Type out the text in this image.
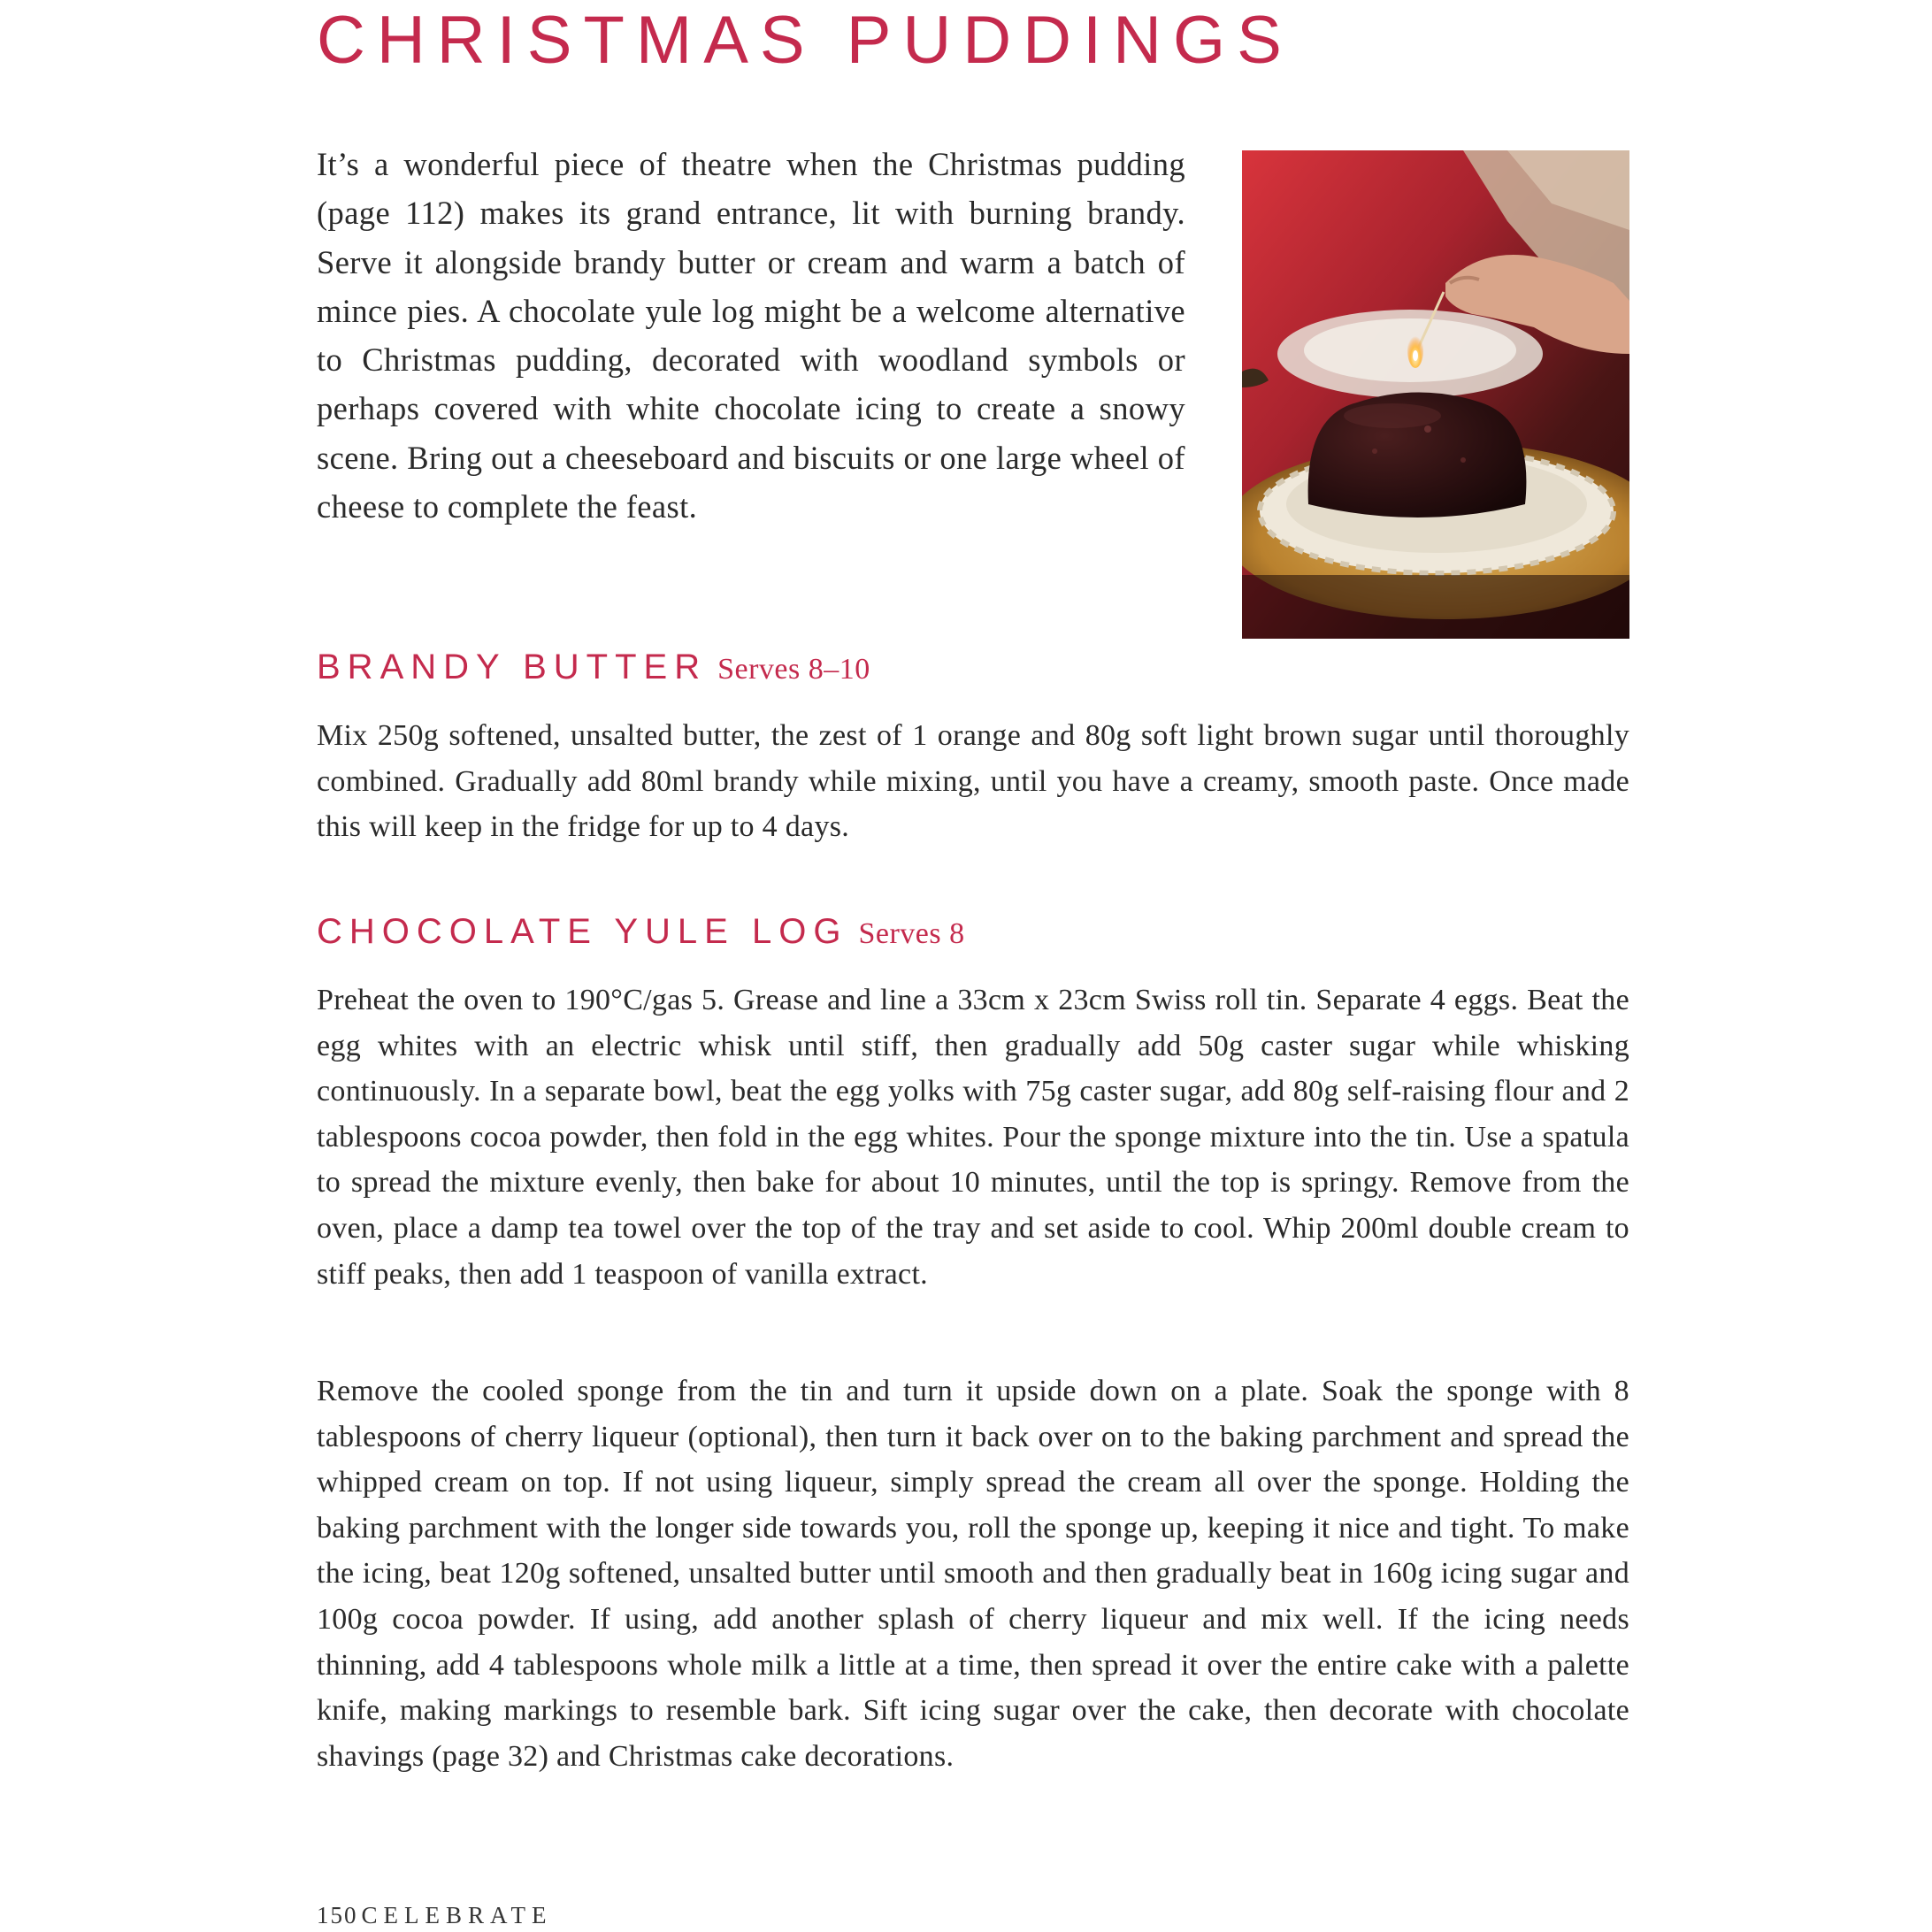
CHRISTMAS PUDDINGS

It’s a wonderful piece of theatre when the Christmas pudding (page 112) makes its grand entrance, lit with burning brandy. Serve it alongside brandy butter or cream and warm a batch of mince pies. A chocolate yule log might be a welcome alternative to Christmas pudding, decorated with woodland symbols or perhaps covered with white chocolate icing to create a snowy scene. Bring out a cheeseboard and biscuits or one large wheel of cheese to complete the feast.

BRANDY BUTTER Serves 8–10

Mix 250g softened, unsalted butter, the zest of 1 orange and 80g soft light brown sugar until thoroughly combined. Gradually add 80ml brandy while mixing, until you have a creamy, smooth paste. Once made this will keep in the fridge for up to 4 days.

CHOCOLATE YULE LOG Serves 8

Preheat the oven to 190°C/gas 5. Grease and line a 33cm x 23cm Swiss roll tin. Separate 4 eggs. Beat the egg whites with an electric whisk until stiff, then gradually add 50g caster sugar while whisking continuously. In a separate bowl, beat the egg yolks with 75g caster sugar, add 80g self-raising flour and 2 tablespoons cocoa powder, then fold in the egg whites. Pour the sponge mixture into the tin. Use a spatula to spread the mixture evenly, then bake for about 10 minutes, until the top is springy. Remove from the oven, place a damp tea towel over the top of the tray and set aside to cool. Whip 200ml double cream to stiff peaks, then add 1 teaspoon of vanilla extract.

Remove the cooled sponge from the tin and turn it upside down on a plate. Soak the sponge with 8 tablespoons of cherry liqueur (optional), then turn it back over on to the baking parchment and spread the whipped cream on top. If not using liqueur, simply spread the cream all over the sponge. Holding the baking parchment with the longer side towards you, roll the sponge up, keeping it nice and tight. To make the icing, beat 120g softened, unsalted butter until smooth and then gradually beat in 160g icing sugar and 100g cocoa powder. If using, add another splash of cherry liqueur and mix well. If the icing needs thinning, add 4 tablespoons whole milk a little at a time, then spread it over the entire cake with a palette knife, making markings to resemble bark. Sift icing sugar over the cake, then decorate with chocolate shavings (page 32) and Christmas cake decorations.

150 CELEBRATE
